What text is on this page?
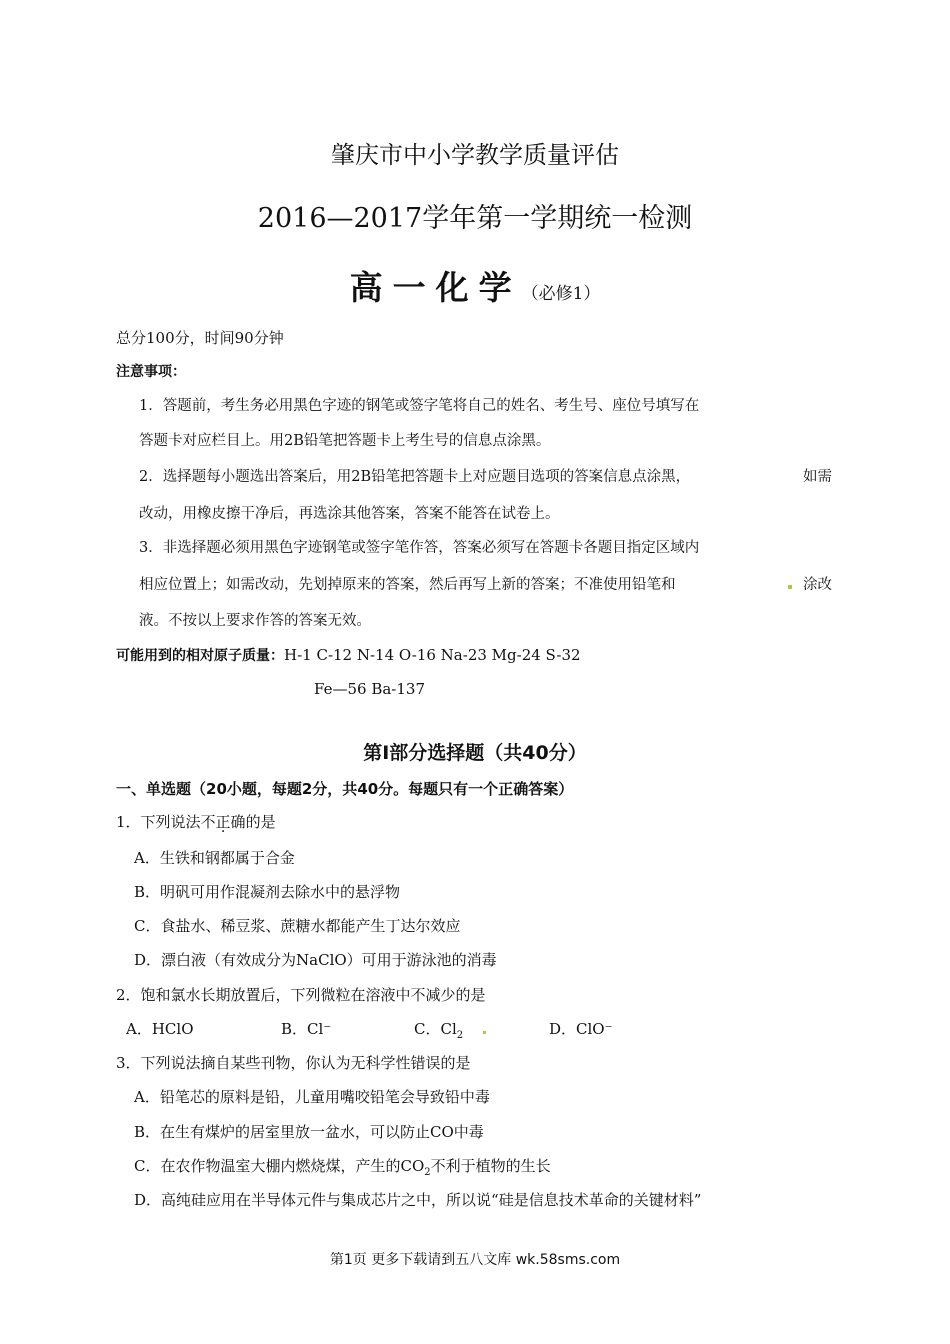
肇庆市中小学教学质量评估
2016—2017学年第一学期统一检测
高一化学（必修1）
总分100分，时间90分钟
注意事项：
1．答题前，考生务必用黑色字迹的钢笔或签字笔将自己的姓名、考生号、座位号填写在
答题卡对应栏目上。用2B铅笔把答题卡上考生号的信息点涂黑。
2．选择题每小题选出答案后，用2B铅笔把答题卡上对应题目选项的答案信息点涂黑，	如需
改动，用橡皮擦干净后，再选涂其他答案，答案不能答在试卷上。
3．非选择题必须用黑色字迹钢笔或签字笔作答，答案必须写在答题卡各题目指定区域内
相应位置上；如需改动，先划掉原来的答案，然后再写上新的答案；不准使用铅笔和	涂改
液。不按以上要求作答的答案无效。
可能用到的相对原子质量：H-1 C-12 N-14 O-16 Na-23 Mg-24 S-32
Fe—56 Ba-137
第Ⅰ部分选择题（共40分）
一、单选题（20小题，每题2分，共40分。每题只有一个正确答案）
1．下列说法不正确的是
A．生铁和钢都属于合金
B．明矾可用作混凝剂去除水中的悬浮物
C．食盐水、稀豆浆、蔗糖水都能产生丁达尔效应
D．漂白液（有效成分为NaClO）可用于游泳池的消毒
2．饱和氯水长期放置后，下列微粒在溶液中不减少的是
A．HClO	B．Cl⁻	C．$Cl_2$	D．ClO⁻
3．下列说法摘自某些刊物，你认为无科学性错误的是
A．铅笔芯的原料是铅，儿童用嘴咬铅笔会导致铅中毒
B．在生有煤炉的居室里放一盆水，可以防止CO中毒
C．在农作物温室大棚内燃烧煤，产生的$CO_2$不利于植物的生长
D．高纯硅应用在半导体元件与集成芯片之中，所以说“硅是信息技术革命的关键材料”
第1页 更多下载请到五八文库 wk.58sms.com
